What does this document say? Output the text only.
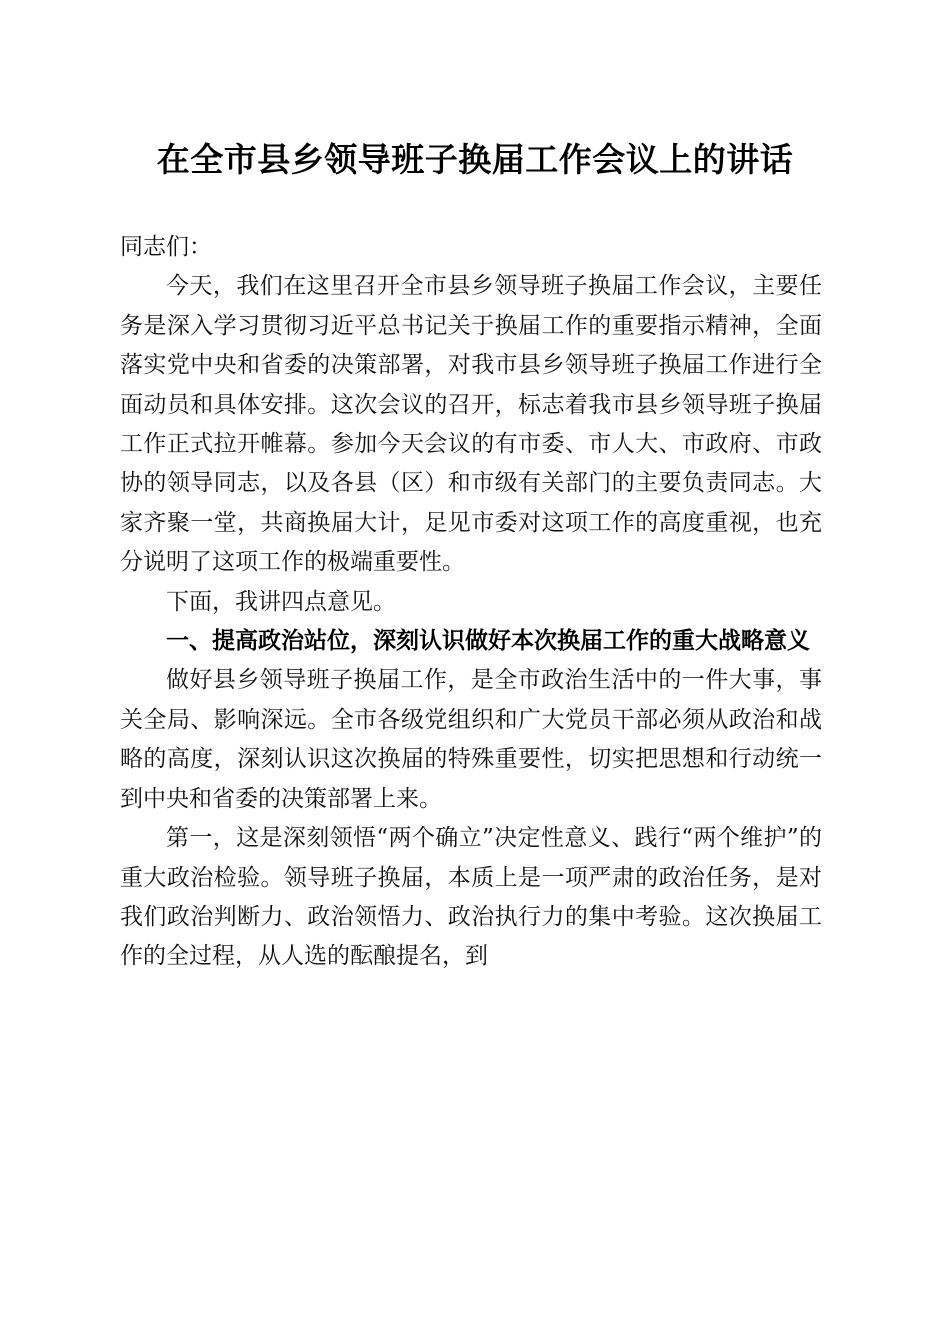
在全市县乡领导班子换届工作会议上的讲话

同志们：

今天，我们在这里召开全市县乡领导班子换届工作会议，主要任务是深入学习贯彻习近平总书记关于换届工作的重要指示精神，全面落实党中央和省委的决策部署，对我市县乡领导班子换届工作进行全面动员和具体安排。这次会议的召开，标志着我市县乡领导班子换届工作正式拉开帷幕。参加今天会议的有市委、市人大、市政府、市政协的领导同志，以及各县（区）和市级有关部门的主要负责同志。大家齐聚一堂，共商换届大计，足见市委对这项工作的高度重视，也充分说明了这项工作的极端重要性。

下面，我讲四点意见。

一、提高政治站位，深刻认识做好本次换届工作的重大战略意义

做好县乡领导班子换届工作，是全市政治生活中的一件大事，事关全局、影响深远。全市各级党组织和广大党员干部必须从政治和战略的高度，深刻认识这次换届的特殊重要性，切实把思想和行动统一到中央和省委的决策部署上来。

第一，这是深刻领悟“两个确立”决定性意义、践行“两个维护”的重大政治检验。领导班子换届，本质上是一项严肃的政治任务，是对我们政治判断力、政治领悟力、政治执行力的集中考验。这次换届工作的全过程，从人选的酝酿提名，到
